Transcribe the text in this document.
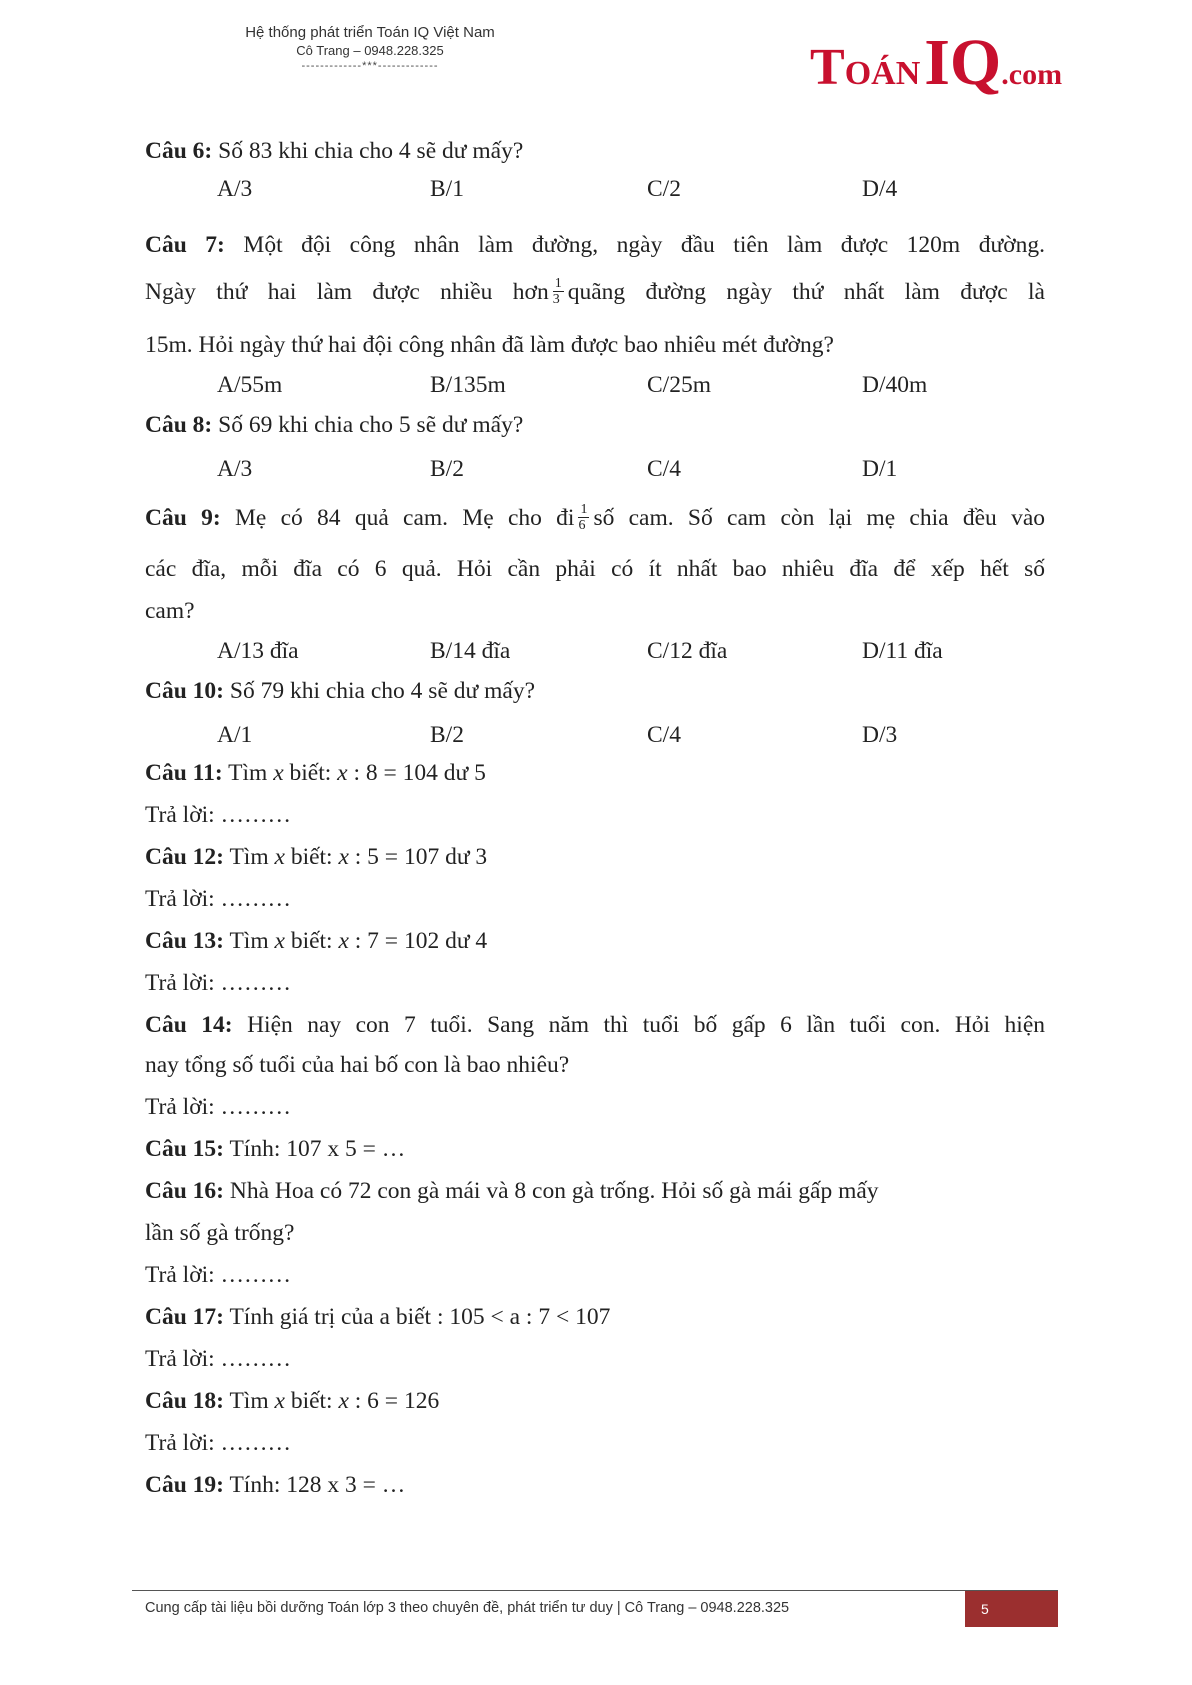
Hệ thống phát triển Toán IQ Việt Nam
Cô Trang – 0948.228.325
-------------***-------------	TOÁN IQ.com
Câu 6: Số 83 khi chia cho 4 sẽ dư mấy?
A/3	B/1	C/2	D/4
Câu 7: Một đội công nhân làm đường, ngày đầu tiên làm được 120m đường.
Ngày thứ hai làm được nhiều hơn $\frac{1}{3}$ quãng đường ngày thứ nhất làm được là
15m. Hỏi ngày thứ hai đội công nhân đã làm được bao nhiêu mét đường?
A/55m	B/135m	C/25m	D/40m
Câu 8: Số 69 khi chia cho 5 sẽ dư mấy?
A/3	B/2	C/4	D/1
Câu 9: Mẹ có 84 quả cam. Mẹ cho đi $\frac{1}{6}$ số cam. Số cam còn lại mẹ chia đều vào
các đĩa, mỗi đĩa có 6 quả. Hỏi cần phải có ít nhất bao nhiêu đĩa để xếp hết số
cam?
A/13 đĩa	B/14 đĩa	C/12 đĩa	D/11 đĩa
Câu 10: Số 79 khi chia cho 4 sẽ dư mấy?
A/1	B/2	C/4	D/3
Câu 11: Tìm x biết: x : 8 = 104 dư 5
Trả lời: ………
Câu 12: Tìm x biết: x : 5 = 107 dư 3
Trả lời: ………
Câu 13: Tìm x biết: x : 7 = 102 dư 4
Trả lời: ………
Câu 14: Hiện nay con 7 tuổi. Sang năm thì tuổi bố gấp 6 lần tuổi con. Hỏi hiện
nay tổng số tuổi của hai bố con là bao nhiêu?
Trả lời: ………
Câu 15: Tính: 107 x 5 = …
Câu 16: Nhà Hoa có 72 con gà mái và 8 con gà trống. Hỏi số gà mái gấp mấy
lần số gà trống?
Trả lời: ………
Câu 17: Tính giá trị của a biết : 105 < a : 7 < 107
Trả lời: ………
Câu 18: Tìm x biết: x : 6 = 126
Trả lời: ………
Câu 19: Tính: 128 x 3 = …
Cung cấp tài liệu bồi dưỡng Toán lớp 3 theo chuyên đề, phát triển tư duy | Cô Trang – 0948.228.325	5
